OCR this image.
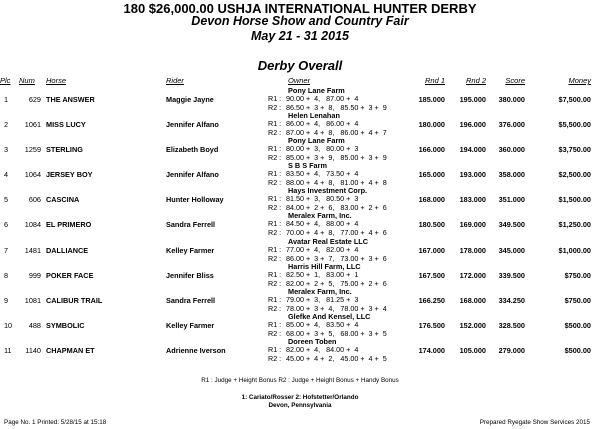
180 $26,000.00 USHJA INTERNATIONAL HUNTER DERBY
Devon Horse Show and Country Fair
May 21 - 31 2015
Derby Overall
Plc Num Horse	Rider	Owner	Rnd 1	Rnd 2	Score	Money
1	629 THE ANSWER	Maggie Jayne
Pony Lane Farm
185.000 195.000 380.000	$7,500.00
R1 : 90.00 +  4,   87.00 +  4
R2 : 86.50 +  3 +  8,   85.50 +  3 +  9
2	1061 MISS LUCY	Jennifer Alfano
Helen Lenahan
180.000 196.000 376.000	$5,500.00
R1 : 86.00 +  4,   86.00 +  4
R2 : 87.00 +  4 +  8,   86.00 +  4 +  7
3	1259 STERLING	Elizabeth Boyd
Pony Lane Farm
166.000 194.000 360.000	$3,750.00
R1 : 80.00 +  3,   80.00 +  3
R2 : 85.00 +  3 +  9,   85.00 +  3 +  9
4	1064 JERSEY BOY	Jennifer Alfano
S B S Farm
165.000 193.000 358.000	$2,500.00
R1 : 83.50 +  4,   73.50 +  4
R2 : 88.00 +  4 +  8,   81.00 +  4 +  8
5	606 CASCINA	Hunter Holloway
Hays Investment Corp.
168.000 183.000 351.000	$1,500.00
R1 : 81.50 +  3,   80.50 +  3
R2 : 84.00 +  2 +  6,   83.00 +  2 +  6
6	1084 EL PRIMERO	Sandra Ferrell
Meralex Farm, Inc.
180.500 169.000 349.500	$1,250.00
R1 : 84.50 +  4,   88.00 +  4
R2 : 70.00 +  4 +  8,   77.00 +  4 +  6
7	1481 DALLIANCE	Kelley Farmer
Avatar Real Estate LLC
167.000 178.000 345.000	$1,000.00
R1 : 77.00 +  4,   82.00 +  4
R2 : 86.00 +  3 +  7,   73.00 +  3 +  6
8	999 POKER FACE	Jennifer Bliss
Harris Hill Farm, LLC
167.500 172.000 339.500	$750.00
R1 : 82.50 +  1,   83.00 +  1
R2 : 82.00 +  2 +  5,   75.00 +  2 +  6
9	1081 CALIBUR TRAIL	Sandra Ferrell
Meralex Farm, Inc.
166.250 168.000 334.250	$750.00
R1 : 79.00 +  3,   81.25 +  3
R2 : 78.00 +  3 +  4,   78.00 +  3 +  4
10	488 SYMBOLIC	Kelley Farmer
Glefke And Kensel, LLC
176.500 152.000 328.500	$500.00
R1 : 85.00 +  4,   83.50 +  4
R2 : 68.00 +  3 +  5,   68.00 +  3 +  5
11	1140 CHAPMAN ET	Adrienne Iverson
Doreen Toben
174.000 105.000 279.000	$500.00
R1 : 82.00 +  4,   84.00 +  4
R2 : 45.00 +  4 +  2,   45.00 +  4 +  5
R1 : Judge + Height Bonus R2 : Judge + Height Bonus + Handy Bonus
1: Cariato/Rosser 2: Hofstetter/Orlando
Devon, Pennsylvania
Page No. 1 Printed: 5/28/15 at 15:18	Prepared Ryegate Show Services 2015
